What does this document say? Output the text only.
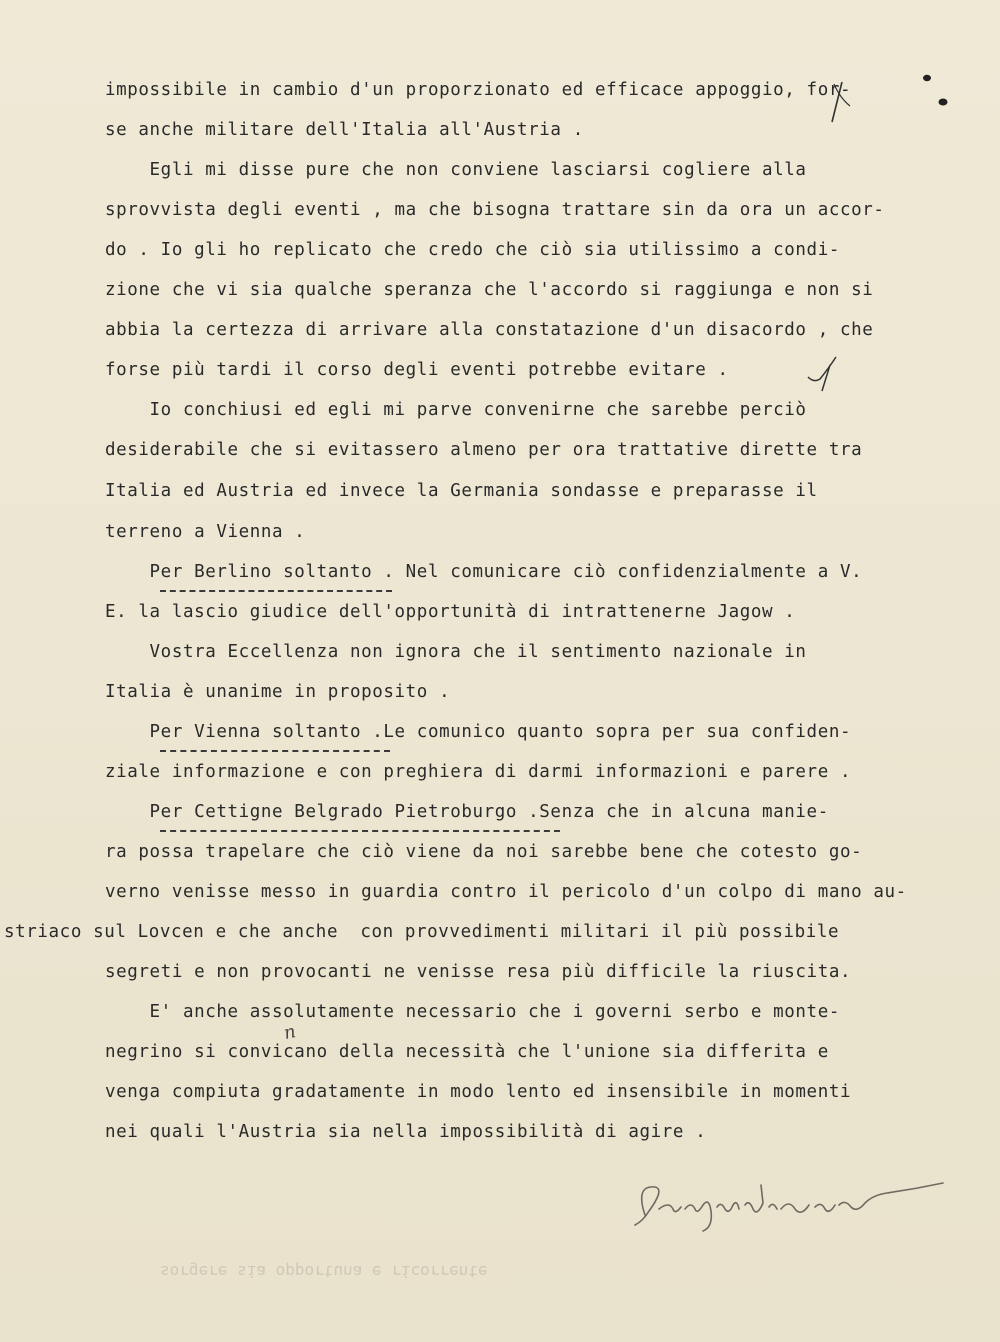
sorgere sia opportuna e ricorrente
impossibile in cambio d'un proporzionato ed efficace appoggio, for-
se anche militare dell'Italia all'Austria .
Egli mi disse pure che non conviene lasciarsi cogliere alla
sprovvista degli eventi , ma che bisogna trattare sin da ora un accor-
do . Io gli ho replicato che credo che ciò sia utilissimo a condi-
zione che vi sia qualche speranza che l'accordo si raggiunga e non si
abbia la certezza di arrivare alla constatazione d'un disacordo , che
forse più tardi il corso degli eventi potrebbe evitare .
Io conchiusi ed egli mi parve convenirne che sarebbe perciò
desiderabile che si evitassero almeno per ora trattative dirette tra
Italia ed Austria ed invece la Germania sondasse e preparasse il
terreno a Vienna .
Per Berlino soltanto . Nel comunicare ciò confidenzialmente a V.
E. la lascio giudice dell'opportunità di intrattenerne Jagow .
Vostra Eccellenza non ignora che il sentimento nazionale in
Italia è unanime in proposito .
Per Vienna soltanto .Le comunico quanto sopra per sua confiden-
ziale informazione e con preghiera di darmi informazioni e parere .
Per Cettigne Belgrado Pietroburgo .Senza che in alcuna manie-
ra possa trapelare che ciò viene da noi sarebbe bene che cotesto go-
verno venisse messo in guardia contro il pericolo d'un colpo di mano au-
striaco sul Lovcen e che anche  con provvedimenti militari il più possibile
segreti e non provocanti ne venisse resa più difficile la riuscita.
E' anche assolutamente necessario che i governi serbo e monte-
negrino si convicano della necessità che l'unione sia differita e
venga compiuta gradatamente in modo lento ed insensibile in momenti
nei quali l'Austria sia nella impossibilità di agire .
n
